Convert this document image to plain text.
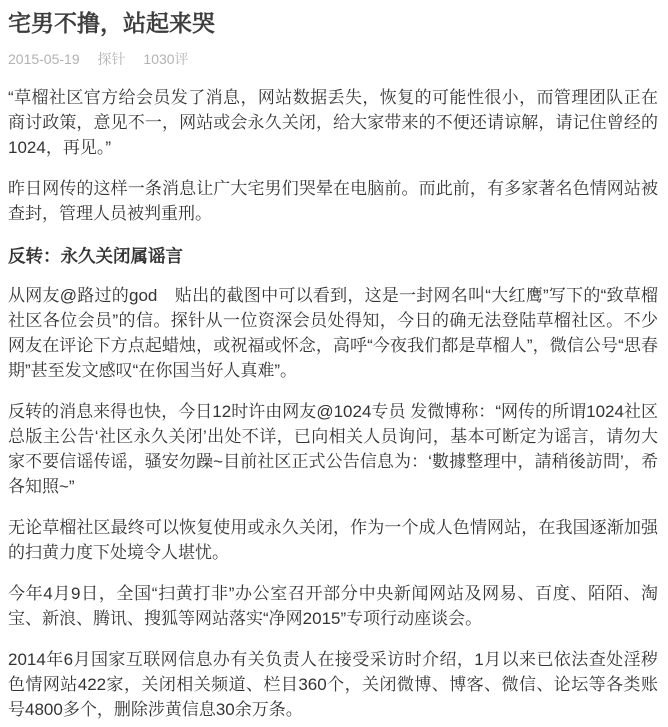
宅男不撸，站起来哭
2015-05-19 探针 1030评

“草榴社区官方给会员发了消息，网站数据丢失，恢复的可能性很小，而管理团队正在商讨政策，意见不一，网站或会永久关闭，给大家带来的不便还请谅解，请记住曾经的1024，再见。”

昨日网传的这样一条消息让广大宅男们哭晕在电脑前。而此前，有多家著名色情网站被查封，管理人员被判重刑。

反转：永久关闭属谣言

从网友@路过的god　贴出的截图中可以看到，这是一封网名叫“大红鹰”写下的“致草榴社区各位会员”的信。探针从一位资深会员处得知，今日的确无法登陆草榴社区。不少网友在评论下方点起蜡烛，或祝福或怀念，高呼“今夜我们都是草榴人”，微信公号“思春期”甚至发文感叹“在你国当好人真难”。

反转的消息来得也快，今日12时许由网友@1024专员 发微博称：“网传的所谓1024社区总版主公告‘社区永久关闭’出处不详，已向相关人员询问，基本可断定为谣言，请勿大家不要信谣传谣，骚安勿躁~目前社区正式公告信息为：‘數據整理中，請稍後訪問’，希各知照~”

无论草榴社区最终可以恢复使用或永久关闭，作为一个成人色情网站，在我国逐渐加强的扫黄力度下处境令人堪忧。

今年4月9日，全国“扫黄打非”办公室召开部分中央新闻网站及网易、百度、陌陌、淘宝、新浪、腾讯、搜狐等网站落实“净网2015”专项行动座谈会。

2014年6月国家互联网信息办有关负责人在接受采访时介绍，1月以来已依法查处淫秽色情网站422家，关闭相关频道、栏目360个，关闭微博、博客、微信、论坛等各类账号4800多个，删除涉黄信息30余万条。
